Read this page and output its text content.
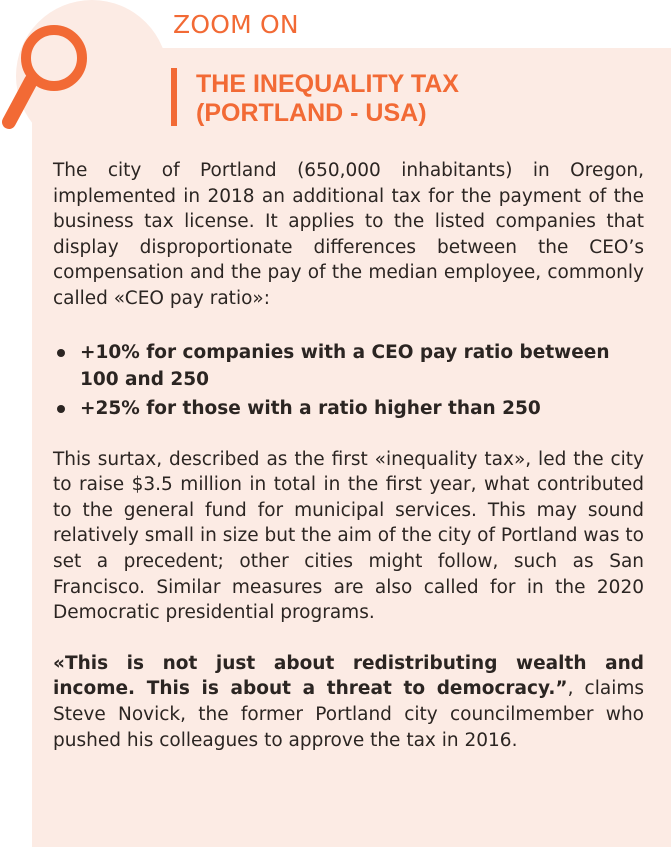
ZOOM ON
THE INEQUALITY TAX
(PORTLAND - USA)

The city of Portland (650,000 inhabitants) in Oregon, implemented in 2018 an additional tax for the payment of the business tax license. It applies to the listed companies that display disproportionate differences between the CEO’s compensation and the pay of the median employee, commonly called «CEO pay ratio»:

+10% for companies with a CEO pay ratio between 100 and 250
+25% for those with a ratio higher than 250

This surtax, described as the first «inequality tax», led the city to raise $3.5 million in total in the first year, what contributed to the general fund for municipal services. This may sound relatively small in size but the aim of the city of Portland was to set a precedent; other cities might follow, such as San Francisco. Similar measures are also called for in the 2020 Democratic presidential programs.

«This is not just about redistributing wealth and income. This is about a threat to democracy.”, claims Steve Novick, the former Portland city councilmember who pushed his colleagues to approve the tax in 2016.
